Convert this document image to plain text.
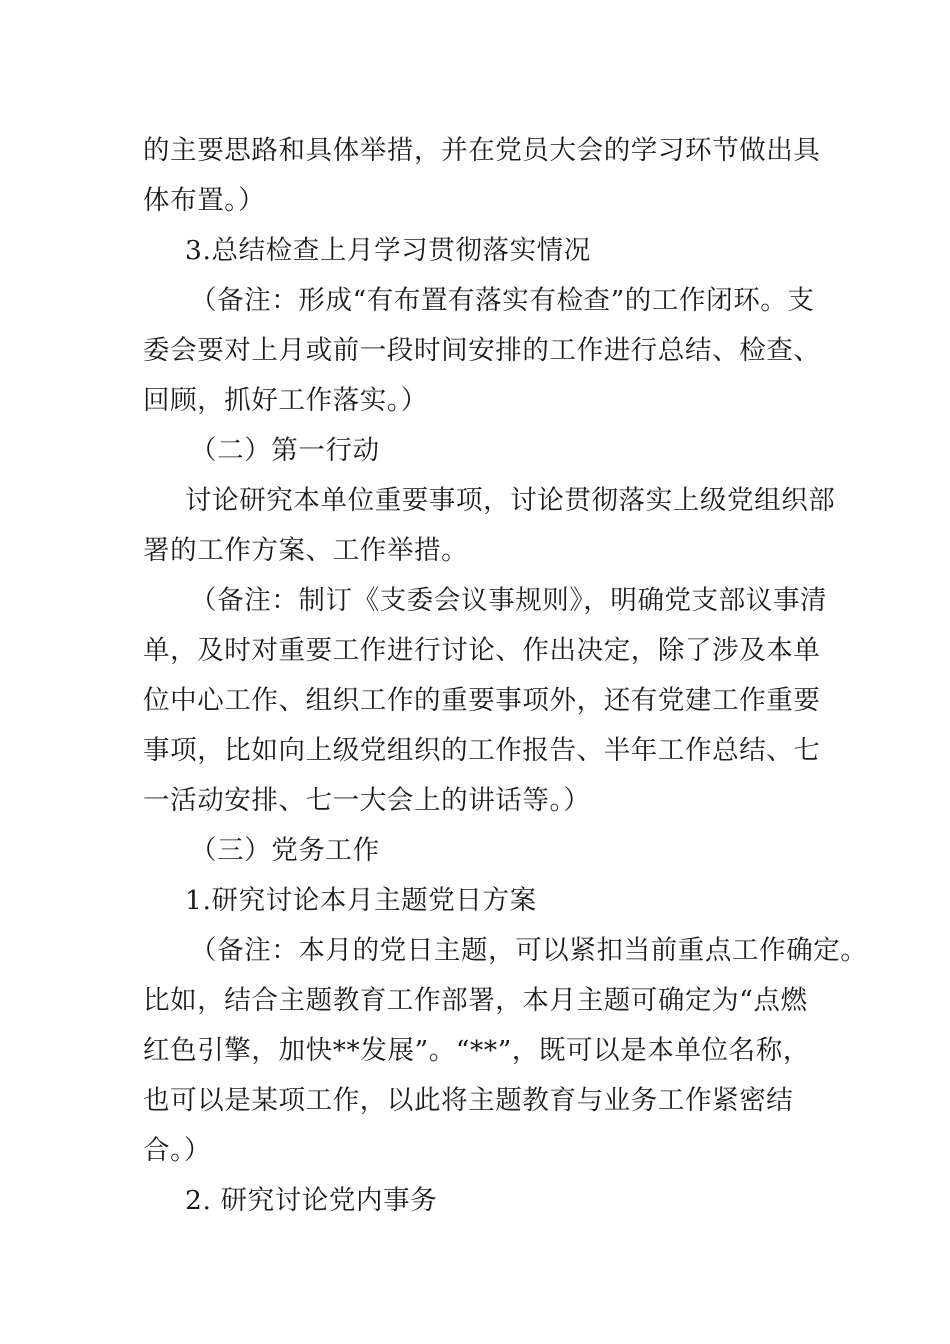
的主要思路和具体举措，并在党员大会的学习环节做出具

体布置。）

3.总结检查上月学习贯彻落实情况

（备注：形成“有布置有落实有检查”的工作闭环。支

委会要对上月或前一段时间安排的工作进行总结、检查、

回顾，抓好工作落实。）

（二）第一行动

讨论研究本单位重要事项，讨论贯彻落实上级党组织部

署的工作方案、工作举措。

（备注：制订《支委会议事规则》，明确党支部议事清

单，及时对重要工作进行讨论、作出决定，除了涉及本单

位中心工作、组织工作的重要事项外，还有党建工作重要

事项，比如向上级党组织的工作报告、半年工作总结、七

一活动安排、七一大会上的讲话等。）

（三）党务工作

1.研究讨论本月主题党日方案

（备注：本月的党日主题，可以紧扣当前重点工作确定。

比如，结合主题教育工作部署，本月主题可确定为“点燃

红色引擎，加快**发展”。“**”，既可以是本单位名称，

也可以是某项工作，以此将主题教育与业务工作紧密结

合。）

2. 研究讨论党内事务
